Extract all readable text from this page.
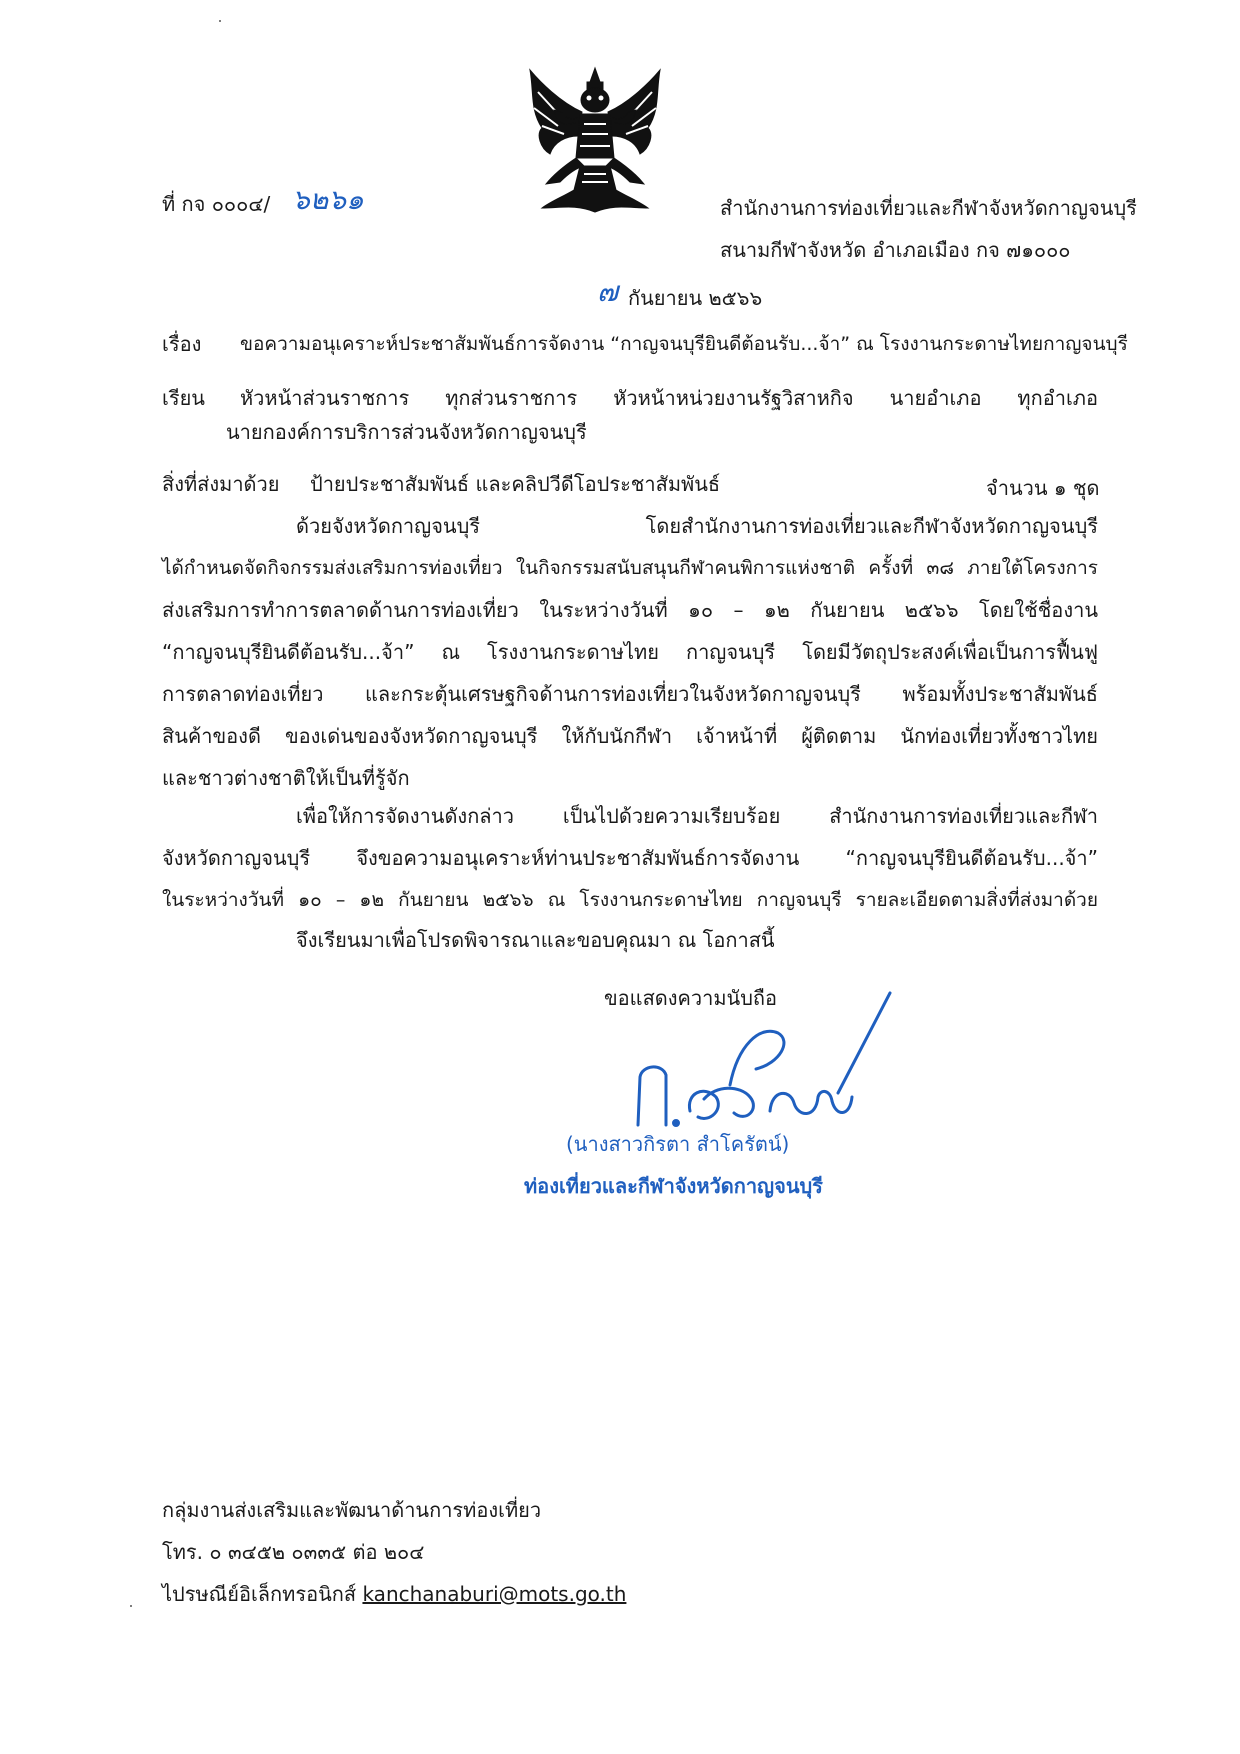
ที่ กจ ๐๐๐๔/ ๖๒๖๑	สำนักงานการท่องเที่ยวและกีฬาจังหวัดกาญจนบุรี
สนามกีฬาจังหวัด อำเภอเมือง กจ ๗๑๐๐๐
๗ กันยายน ๒๕๖๖
เรื่อง ขอความอนุเคราะห์ประชาสัมพันธ์การจัดงาน “กาญจนบุรียินดีต้อนรับ...จ้า” ณ โรงงานกระดาษไทยกาญจนบุรี
เรียน หัวหน้าส่วนราชการ ทุกส่วนราชการ หัวหน้าหน่วยงานรัฐวิสาหกิจ นายอำเภอ ทุกอำเภอ
นายกองค์การบริการส่วนจังหวัดกาญจนบุรี
สิ่งที่ส่งมาด้วย ป้ายประชาสัมพันธ์ และคลิปวีดีโอประชาสัมพันธ์	จำนวน ๑ ชุด
ด้วยจังหวัดกาญจนบุรี โดยสำนักงานการท่องเที่ยวและกีฬาจังหวัดกาญจนบุรี
ได้กำหนดจัดกิจกรรมส่งเสริมการท่องเที่ยว ในกิจกรรมสนับสนุนกีฬาคนพิการแห่งชาติ ครั้งที่ ๓๘ ภายใต้โครงการ
ส่งเสริมการทำการตลาดด้านการท่องเที่ยว ในระหว่างวันที่ ๑๐ – ๑๒ กันยายน ๒๕๖๖ โดยใช้ชื่องาน
“กาญจนบุรียินดีต้อนรับ...จ้า” ณ โรงงานกระดาษไทย กาญจนบุรี โดยมีวัตถุประสงค์เพื่อเป็นการฟื้นฟู
การตลาดท่องเที่ยว และกระตุ้นเศรษฐกิจด้านการท่องเที่ยวในจังหวัดกาญจนบุรี พร้อมทั้งประชาสัมพันธ์
สินค้าของดี ของเด่นของจังหวัดกาญจนบุรี ให้กับนักกีฬา เจ้าหน้าที่ ผู้ติดตาม นักท่องเที่ยวทั้งชาวไทย
และชาวต่างชาติให้เป็นที่รู้จัก
เพื่อให้การจัดงานดังกล่าว เป็นไปด้วยความเรียบร้อย สำนักงานการท่องเที่ยวและกีฬา
จังหวัดกาญจนบุรี จึงขอความอนุเคราะห์ท่านประชาสัมพันธ์การจัดงาน “กาญจนบุรียินดีต้อนรับ...จ้า”
ในระหว่างวันที่ ๑๐ – ๑๒ กันยายน ๒๕๖๖ ณ โรงงานกระดาษไทย กาญจนบุรี รายละเอียดตามสิ่งที่ส่งมาด้วย
จึงเรียนมาเพื่อโปรดพิจารณาและขอบคุณมา ณ โอกาสนี้
ขอแสดงความนับถือ
(นางสาวกิรตา สำโครัตน์)
ท่องเที่ยวและกีฬาจังหวัดกาญจนบุรี
กลุ่มงานส่งเสริมและพัฒนาด้านการท่องเที่ยว
โทร. ๐ ๓๔๕๒ ๐๓๓๕ ต่อ ๒๐๔
ไปรษณีย์อิเล็กทรอนิกส์ kanchanaburi@mots.go.th
